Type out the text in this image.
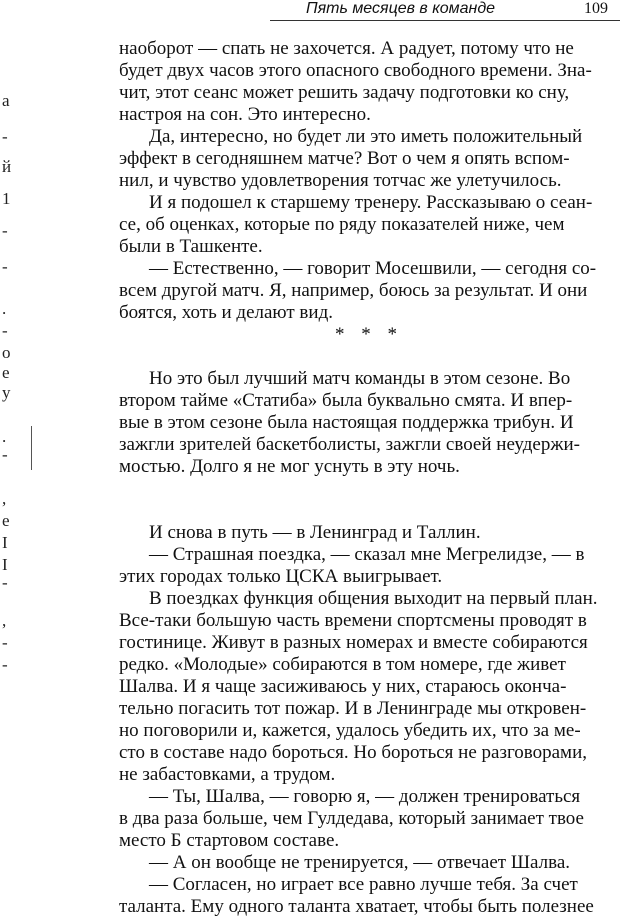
Пять месяцев в команде	109
a
-
й
1
-
-
.
-
о
е
у
.
-
,
е
I
I
-
,
-
-
наоборот — спать не захочется. А радует, потому что не
будет двух часов этого опасного свободного времени. Зна-
чит, этот сеанс может решить задачу подготовки ко сну,
настроя на сон. Это интересно.
Да, интересно, но будет ли это иметь положительный
эффект в сегодняшнем матче? Вот о чем я опять вспом-
нил, и чувство удовлетворения тотчас же улетучилось.
И я подошел к старшему тренеру. Рассказываю о сеан-
се, об оценках, которые по ряду показателей ниже, чем
были в Ташкенте.
— Естественно, — говорит Мосешвили, — сегодня со-
всем другой матч. Я, например, боюсь за результат. И они
боятся, хоть и делают вид.
* * *
Но это был лучший матч команды в этом сезоне. Во
втором тайме «Статиба» была буквально смята. И впер-
вые в этом сезоне была настоящая поддержка трибун. И
зажгли зрителей баскетболисты, зажгли своей неудержи-
мостью. Долго я не мог уснуть в эту ночь.
И снова в путь — в Ленинград и Таллин.
— Страшная поездка, — сказал мне Мегрелидзе, — в
этих городах только ЦСКА выигрывает.
В поездках функция общения выходит на первый план.
Все-таки большую часть времени спортсмены проводят в
гостинице. Живут в разных номерах и вместе собираются
редко. «Молодые» собираются в том номере, где живет
Шалва. И я чаще засиживаюсь у них, стараюсь оконча-
тельно погасить тот пожар. И в Ленинграде мы откровен-
но поговорили и, кажется, удалось убедить их, что за ме-
сто в составе надо бороться. Но бороться не разговорами,
не забастовками, а трудом.
— Ты, Шалва, — говорю я, — должен тренироваться
в два раза больше, чем Гулдедава, который занимает твое
место Б стартовом составе.
— А он вообще не тренируется, — отвечает Шалва.
— Согласен, но играет все равно лучше тебя. За счет
таланта. Ему одного таланта хватает, чтобы быть полезнее
